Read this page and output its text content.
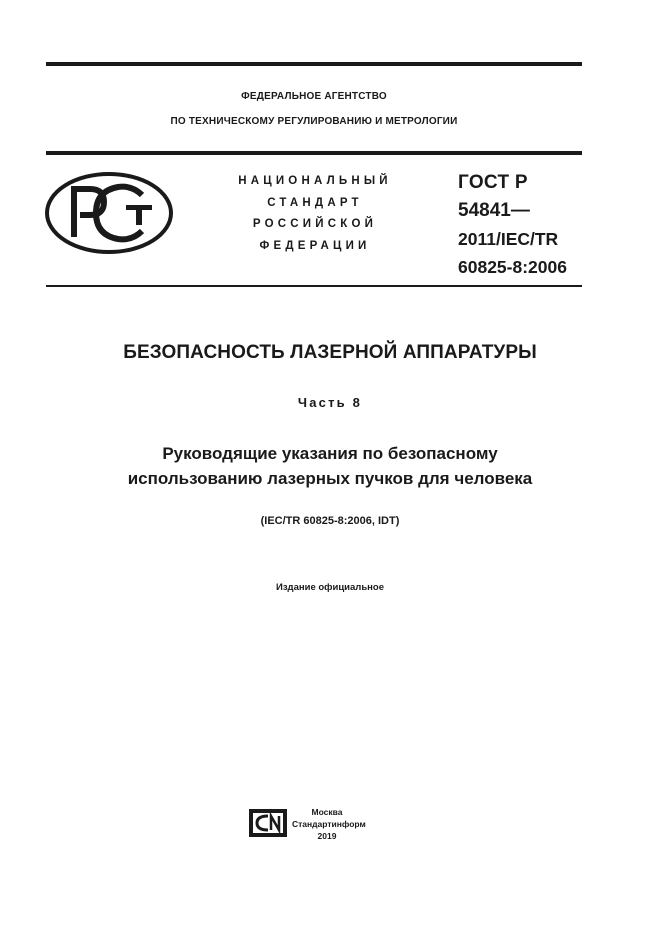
ФЕДЕРАЛЬНОЕ АГЕНТСТВО
ПО ТЕХНИЧЕСКОМУ РЕГУЛИРОВАНИЮ И МЕТРОЛОГИИ
НАЦИОНАЛЬНЫЙ
СТАНДАРТ
РОССИЙСКОЙ
ФЕДЕРАЦИИ
ГОСТ Р
54841—
2011/IEC/TR
60825-8:2006
БЕЗОПАСНОСТЬ ЛАЗЕРНОЙ АППАРАТУРЫ
Часть 8
Руководящие указания по безопасному
использованию лазерных пучков для человека
(IEC/TR 60825-8:2006, IDT)
Издание официальное
Москва
Стандартинформ
2019
